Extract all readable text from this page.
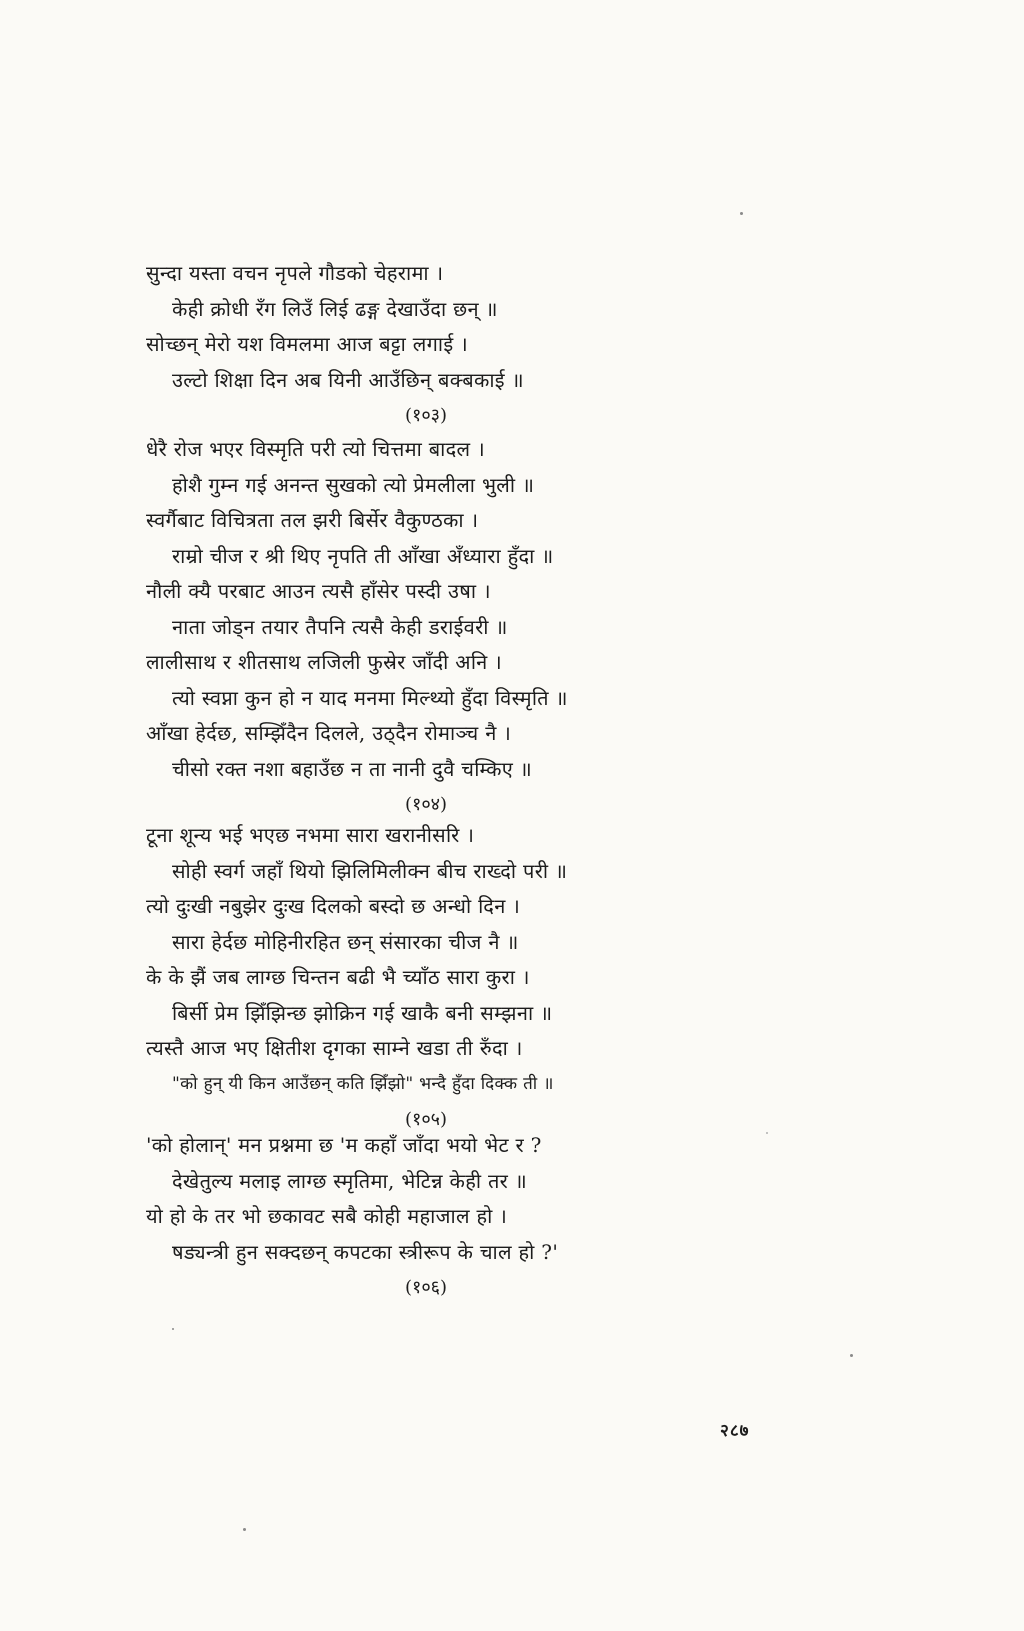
सुन्दा यस्ता वचन नृपले गौडको चेहरामा ।
केही क्रोधी रँग लिउँ लिई ढङ्ग देखाउँदा छन् ॥
सोच्छन् मेरो यश विमलमा आज बट्टा लगाई ।
उल्टो शिक्षा दिन अब यिनी आउँछिन् बक्बकाई ॥
(१०३)
धेरै रोज भएर विस्मृति परी त्यो चित्तमा बादल ।
होशै गुम्न गई अनन्त सुखको त्यो प्रेमलीला भुली ॥
स्वर्गैबाट विचित्रता तल झरी बिर्सेर वैकुण्ठका ।
राम्रो चीज र श्री थिए नृपति ती आँखा अँध्यारा हुँदा ॥
नौली क्यै परबाट आउन त्यसै हाँसेर पस्दी उषा ।
नाता जोड्न तयार तैपनि त्यसै केही डराईवरी ॥
लालीसाथ र शीतसाथ लजिली फुस्रेर जाँदी अनि ।
त्यो स्वप्ना कुन हो न याद मनमा मिल्थ्यो हुँदा विस्मृति ॥
आँखा हेर्दछ, सम्झिँदैन दिलले, उठ्दैन रोमाञ्च नै ।
चीसो रक्त नशा बहाउँछ न ता नानी दुवै चम्किए ॥
(१०४)
टूना शून्य भई भएछ नभमा सारा खरानीसरि ।
सोही स्वर्ग जहाँ थियो झिलिमिलीक्न बीच राख्दो परी ॥
त्यो दुःखी नबुझेर दुःख दिलको बस्दो छ अन्धो दिन ।
सारा हेर्दछ मोहिनीरहित छन् संसारका चीज नै ॥
के के झैं जब लाग्छ चिन्तन बढी भै च्याँठ सारा कुरा ।
बिर्सी प्रेम झिँझिन्छ झोक्रिन गई खाकै बनी सम्झना ॥
त्यस्तै आज भए क्षितीश दृगका साम्ने खडा ती रुँदा ।
"को हुन् यी किन आउँछन् कति झिँझो" भन्दै हुँदा दिक्क ती ॥
(१०५)
'को होलान्' मन प्रश्नमा छ 'म कहाँ जाँदा भयो भेट र ?
देखेतुल्य मलाइ लाग्छ स्मृतिमा, भेटिन्न केही तर ॥
यो हो के तर भो छकावट सबै कोही महाजाल हो ।
षड्यन्त्री हुन सक्दछन् कपटका स्त्रीरूप के चाल हो ?'
(१०६)
२८७
